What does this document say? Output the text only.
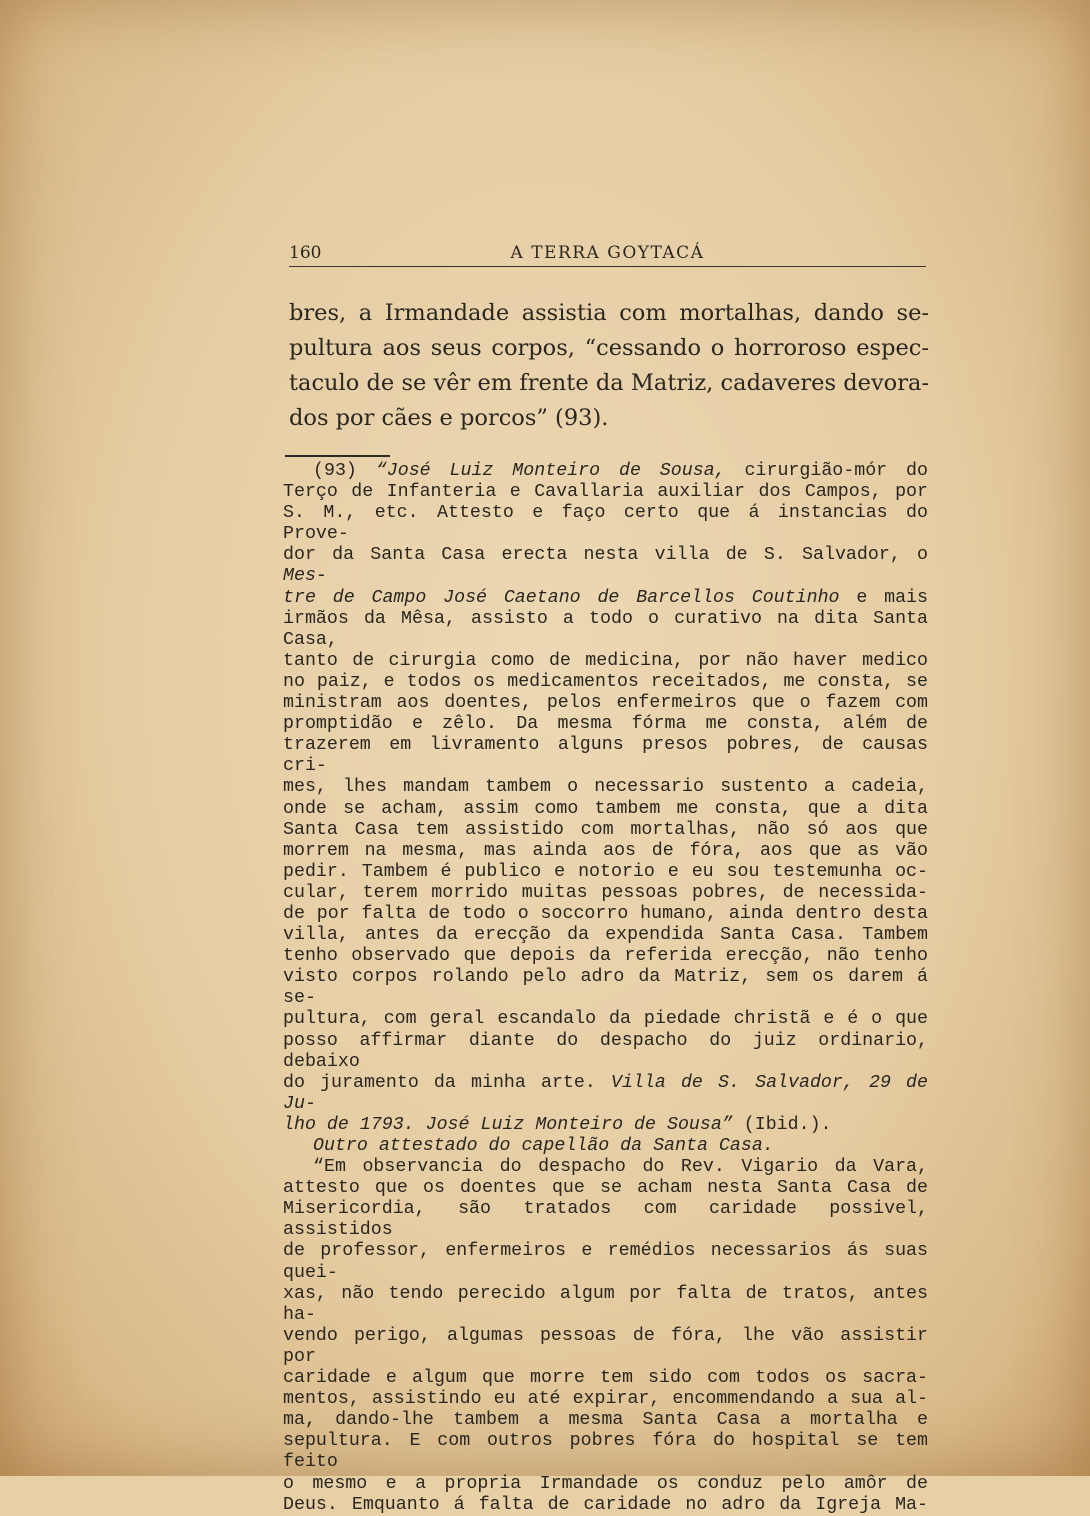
160	A TERRA GOYTACÁ
bres, a Irmandade assistia com mortalhas, dando se-
pultura aos seus corpos, “cessando o horroroso espec-
taculo de se vêr em frente da Matriz, cadaveres devora-
dos por cães e porcos” (93).
(93) “José Luiz Monteiro de Sousa, cirurgião-mór do
Terço de Infanteria e Cavallaria auxiliar dos Campos, por
S. M., etc. Attesto e faço certo que á instancias do Prove-
dor da Santa Casa erecta nesta villa de S. Salvador, o Mes-
tre de Campo José Caetano de Barcellos Coutinho e mais
irmãos da Mêsa, assisto a todo o curativo na dita Santa Casa,
tanto de cirurgia como de medicina, por não haver medico
no paiz, e todos os medicamentos receitados, me consta, se
ministram aos doentes, pelos enfermeiros que o fazem com
promptidão e zêlo. Da mesma fórma me consta, além de
trazerem em livramento alguns presos pobres, de causas cri-
mes, lhes mandam tambem o necessario sustento a cadeia,
onde se acham, assim como tambem me consta, que a dita
Santa Casa tem assistido com mortalhas, não só aos que
morrem na mesma, mas ainda aos de fóra, aos que as vão
pedir. Tambem é publico e notorio e eu sou testemunha oc-
cular, terem morrido muitas pessoas pobres, de necessida-
de por falta de todo o soccorro humano, ainda dentro desta
villa, antes da erecção da expendida Santa Casa. Tambem
tenho observado que depois da referida erecção, não tenho
visto corpos rolando pelo adro da Matriz, sem os darem á se-
pultura, com geral escandalo da piedade christã e é o que
posso affirmar diante do despacho do juiz ordinario, debaixo
do juramento da minha arte. Villa de S. Salvador, 29 de Ju-
lho de 1793. José Luiz Monteiro de Sousa” (Ibid.).
Outro attestado do capellão da Santa Casa.
“Em observancia do despacho do Rev. Vigario da Vara,
attesto que os doentes que se acham nesta Santa Casa de
Misericordia, são tratados com caridade possivel, assistidos
de professor, enfermeiros e remédios necessarios ás suas quei-
xas, não tendo perecido algum por falta de tratos, antes ha-
vendo perigo, algumas pessoas de fóra, lhe vão assistir por
caridade e algum que morre tem sido com todos os sacra-
mentos, assistindo eu até expirar, encommendando a sua al-
ma, dando-lhe tambem a mesma Santa Casa a mortalha e
sepultura. E com outros pobres fóra do hospital se tem feito
o mesmo e a propria Irmandade os conduz pelo amôr de
Deus. Emquanto á falta de caridade no adro da Igreja Ma-
